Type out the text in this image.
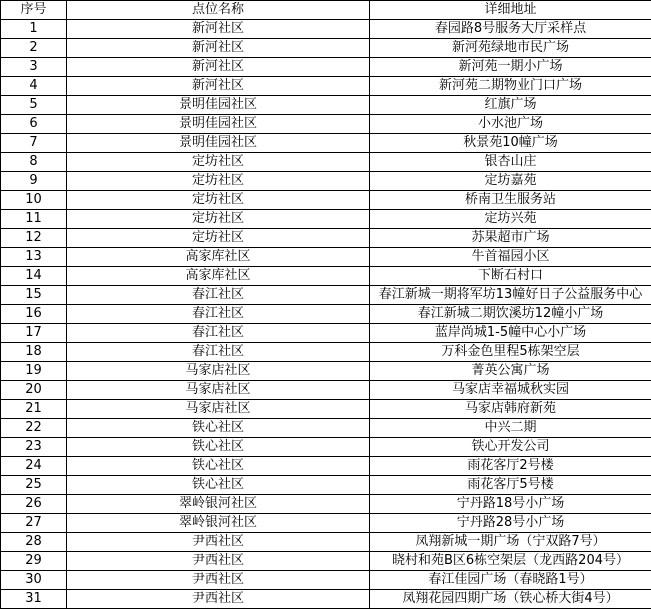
序号	点位名称	详细地址
1	新河社区	春园路8号服务大厅采样点
2	新河社区	新河苑绿地市民广场
3	新河社区	新河苑一期小广场
4	新河社区	新河苑二期物业门口广场
5	景明佳园社区	红旗广场
6	景明佳园社区	小水池广场
7	景明佳园社区	秋景苑10幢广场
8	定坊社区	银杏山庄
9	定坊社区	定坊嘉苑
10	定坊社区	桥南卫生服务站
11	定坊社区	定坊兴苑
12	定坊社区	苏果超市广场
13	高家库社区	牛首福园小区
14	高家库社区	下断石村口
15	春江社区	春江新城一期将军坊13幢好日子公益服务中心
16	春江社区	春江新城二期饮溪坊12幢小广场
17	春江社区	蓝岸尚城1-5幢中心小广场
18	春江社区	万科金色里程5栋架空层
19	马家店社区	菁英公寓广场
20	马家店社区	马家店幸福城秋实园
21	马家店社区	马家店韩府新苑
22	铁心社区	中兴二期
23	铁心社区	铁心开发公司
24	铁心社区	雨花客厅2号楼
25	铁心社区	雨花客厅5号楼
26	翠岭银河社区	宁丹路18号小广场
27	翠岭银河社区	宁丹路28号小广场
28	尹西社区	凤翔新城一期广场（宁双路7号）
29	尹西社区	晓村和苑B区6栋空架层（龙西路204号）
30	尹西社区	春江佳园广场（春晓路1号）
31	尹西社区	凤翔花园四期广场（铁心桥大街4号）
